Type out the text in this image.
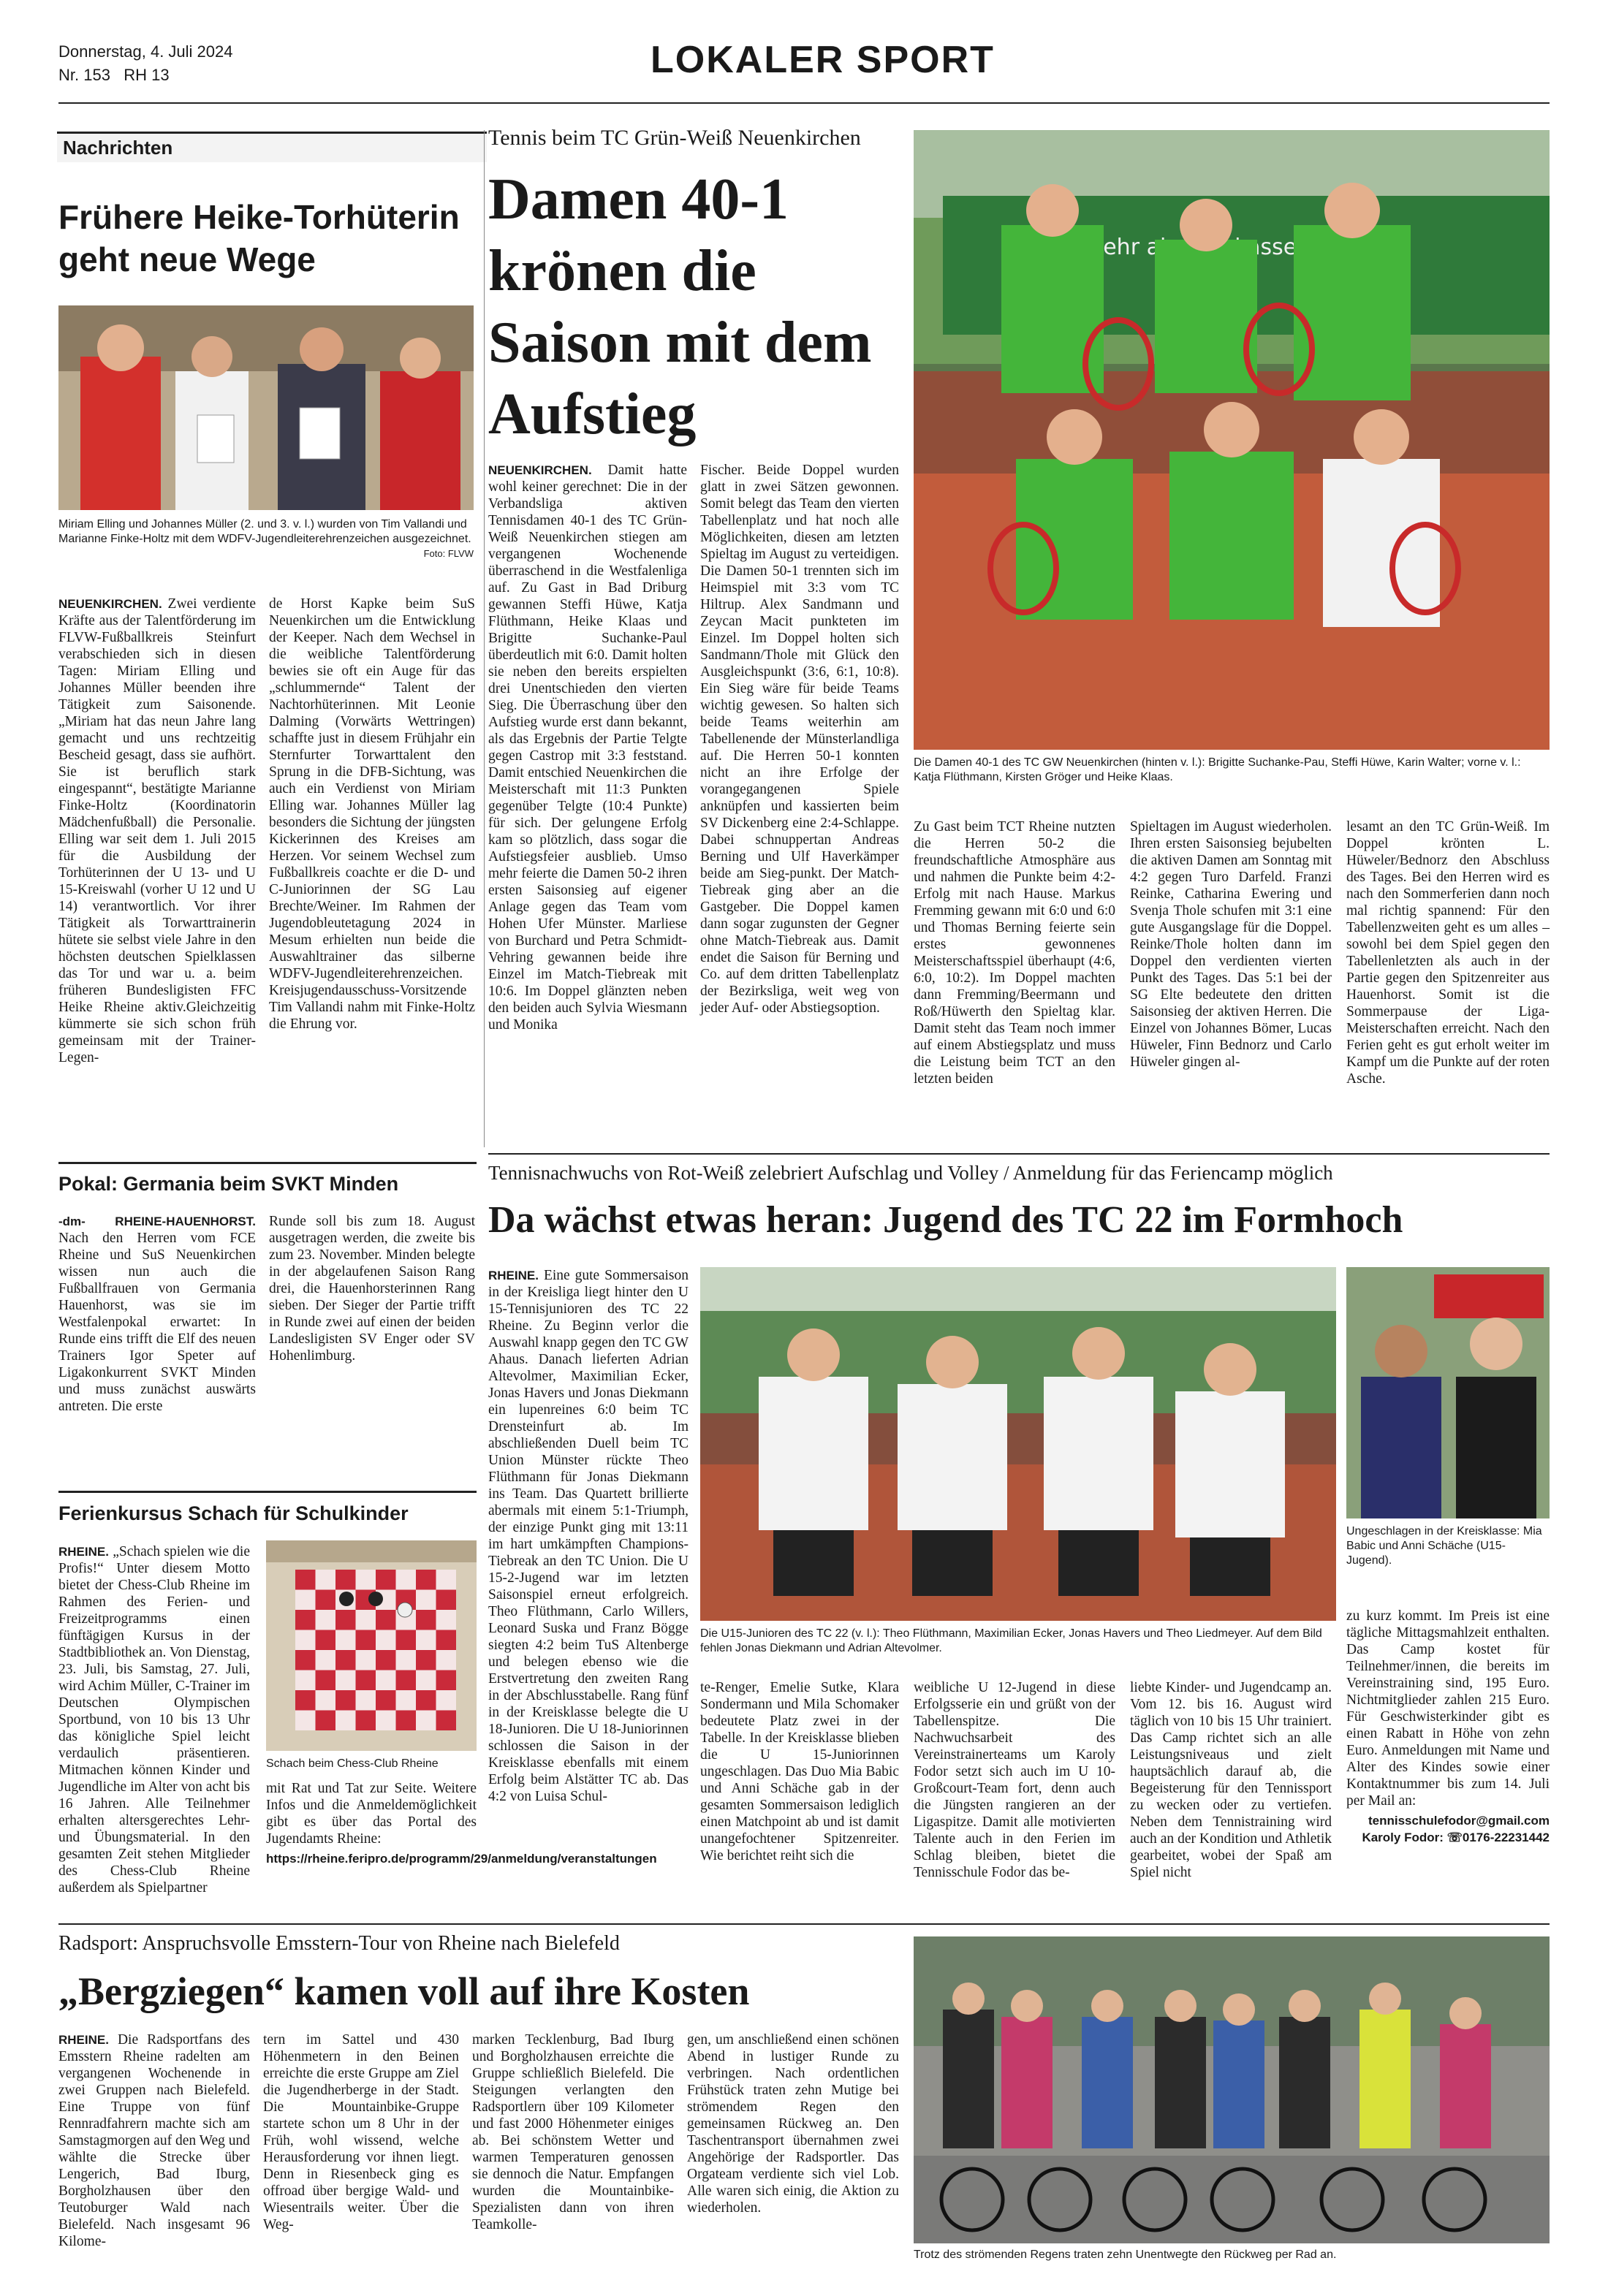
Donnerstag, 4. Juli 2024
Nr. 153 RH 13	LOKALER SPORT
Nachrichten
Frühere Heike-Torhüterin geht neue Wege
Miriam Elling und Johannes Müller (2. und 3. v. l.) wurden von Tim Vallandi und Marianne Finke-Holtz mit dem WDFV-Jugendleiterehrenzeichen ausgezeichnet.
Foto: FLVW

NEUENKIRCHEN. Zwei verdiente Kräfte aus der Talentförderung im FLVW-Fußballkreis Steinfurt verabschieden sich in diesen Tagen: Miriam Elling und Johannes Müller beenden ihre Tätigkeit zum Saisonende. „Miriam hat das neun Jahre lang gemacht und uns rechtzeitig Bescheid gesagt, dass sie aufhört. Sie ist beruflich stark eingespannt“, bestätigte Marianne Finke-Holtz (Koordinatorin Mädchenfußball) die Personalie. Elling war seit dem 1. Juli 2015 für die Ausbildung der Torhüterinnen der U 13- und U 15-Kreiswahl (vorher U 12 und U 14) verantwortlich. Vor ihrer Tätigkeit als Torwarttrainerin hütete sie selbst viele Jahre in den höchsten deutschen Spielklassen das Tor und war u. a. beim früheren Bundesligisten FFC Heike Rheine aktiv.Gleichzeitig kümmerte sie sich schon früh gemeinsam mit der Trainer-Legen-

de Horst Kapke beim SuS Neuenkirchen um die Entwicklung der Keeper. Nach dem Wechsel in die weibliche Talentförderung bewies sie oft ein Auge für das „schlummernde“ Talent der Nachtorhüterinnen. Mit Leonie Dalming (Vorwärts Wettringen) schaffte just in diesem Frühjahr ein Sternfurter Torwarttalent den Sprung in die DFB-Sichtung, was auch ein Verdienst von Miriam Elling war. Johannes Müller lag besonders die Sichtung der jüngsten Kickerinnen des Kreises am Herzen. Vor seinem Wechsel zum Fußballkreis coachte er die D- und C-Juniorinnen der SG Lau Brechte/Weiner. Im Rahmen der Jugendobleutetagung 2024 in Mesum erhielten nun beide die Auswahltrainer das silberne WDFV-Jugendleiterehrenzeichen. Kreisjugendausschuss-Vorsitzende Tim Vallandi nahm mit Finke-Holtz die Ehrung vor.

Pokal: Germania beim SVKT Minden

-dm- RHEINE-HAUENHORST. Nach den Herren vom FCE Rheine und SuS Neuenkirchen wissen nun auch die Fußballfrauen von Germania Hauenhorst, was sie im Westfalenpokal erwartet: In Runde eins trifft die Elf des neuen Trainers Igor Speter auf Ligakonkurrent SVKT Minden und muss zunächst auswärts antreten. Die erste

Runde soll bis zum 18. August ausgetragen werden, die zweite bis zum 23. November. Minden belegte in der abgelaufenen Saison Rang drei, die Hauenhorsterinnen Rang sieben. Der Sieger der Partie trifft in Runde zwei auf einen der beiden Landesligisten SV Enger oder SV Hohenlimburg.

Ferienkursus Schach für Schulkinder

RHEINE. „Schach spielen wie die Profis!“ Unter diesem Motto bietet der Chess-Club Rheine im Rahmen des Ferien- und Freizeitprogramms einen fünftägigen Kursus in der Stadtbibliothek an. Von Dienstag, 23. Juli, bis Samstag, 27. Juli, wird Achim Müller, C-Trainer im Deutschen Olympischen Sportbund, von 10 bis 13 Uhr das königliche Spiel leicht verdaulich präsentieren. Mitmachen können Kinder und Jugendliche im Alter von acht bis 16 Jahren. Alle Teilnehmer erhalten altersgerechtes Lehr- und Übungsmaterial. In den gesamten Zeit stehen Mitglieder des Chess-Club Rheine außerdem als Spielpartner

Schach beim Chess-Club Rheine

mit Rat und Tat zur Seite. Weitere Infos und die Anmeldemöglichkeit gibt es über das Portal des Jugendamts Rheine:

https://rheine.feripro.de/programm/29/anmeldung/veranstaltungen
Tennis beim TC Grün-Weiß Neuenkirchen
Damen 40-1 krönen die Saison mit dem Aufstieg
mehr
Die Damen 40-1 des TC GW Neuenkirchen (hinten v. l.): Brigitte Suchanke-Pau, Steffi Hüwe, Karin Walter; vorne v. l.: Katja Flüthmann, Kirsten Gröger und Heike Klaas.

NEUENKIRCHEN. Damit hatte wohl keiner gerechnet: Die in der Verbandsliga aktiven Tennisdamen 40-1 des TC Grün-Weiß Neuenkirchen stiegen am vergangenen Wochenende überraschend in die Westfalenliga auf. Zu Gast in Bad Driburg gewannen Steffi Hüwe, Katja Flüthmann, Heike Klaas und Brigitte Suchanke-Paul überdeutlich mit 6:0. Damit holten sie neben den bereits erspielten drei Unentschieden den vierten Sieg. Die Überraschung über den Aufstieg wurde erst dann bekannt, als das Ergebnis der Partie Telgte gegen Castrop mit 3:3 feststand. Damit entschied Neuenkirchen die Meisterschaft mit 11:3 Punkten gegenüber Telgte (10:4 Punkte) für sich. Der gelungene Erfolg kam so plötzlich, dass sogar die Aufstiegsfeier ausblieb. Umso mehr feierte die Damen 50-2 ihren ersten Saisonsieg auf eigener Anlage gegen das Team vom Hohen Ufer Münster. Marliese von Burchard und Petra Schmidt-Vehring gewannen beide ihre Einzel im Match-Tiebreak mit 10:6. Im Doppel glänzten neben den beiden auch Sylvia Wiesmann und Monika

Fischer. Beide Doppel wurden glatt in zwei Sätzen gewonnen. Somit belegt das Team den vierten Tabellenplatz und hat noch alle Möglichkeiten, diesen am letzten Spieltag im August zu verteidigen. Die Damen 50-1 trennten sich im Heimspiel mit 3:3 vom TC Hiltrup. Alex Sandmann und Zeycan Macit punkteten im Einzel. Im Doppel holten sich Sandmann/Thole mit Glück den Ausgleichspunkt (3:6, 6:1, 10:8). Ein Sieg wäre für beide Teams wichtig gewesen. So halten sich beide Teams weiterhin am Tabellenende der Münsterlandliga auf. Die Herren 50-1 konnten nicht an ihre Erfolge der vorangegangenen Spiele anknüpfen und kassierten beim SV Dickenberg eine 2:4-Schlappe. Dabei schnuppertan Andreas Berning und Ulf Haverkämper beide am Sieg-punkt. Der Match-Tiebreak ging aber an die Gastgeber. Die Doppel kamen dann sogar zugunsten der Gegner ohne Match-Tiebreak aus. Damit endet die Saison für Berning und Co. auf dem dritten Tabellenplatz der Bezirksliga, weit weg von jeder Auf- oder Abstiegsoption.

Zu Gast beim TCT Rheine nutzten die Herren 50-2 die freundschaftliche Atmosphäre aus und nahmen die Punkte beim 4:2-Erfolg mit nach Hause. Markus Fremming gewann mit 6:0 und 6:0 und Thomas Berning feierte sein erstes gewonnenes Meisterschaftsspiel überhaupt (4:6, 6:0, 10:2). Im Doppel machten dann Fremming/Beermann und Roß/Hüwerth den Spieltag klar. Damit steht das Team noch immer auf einem Abstiegsplatz und muss die Leistung beim TCT an den letzten beiden

Spieltagen im August wiederholen. Ihren ersten Saisonsieg bejubelten die aktiven Damen am Sonntag mit 4:2 gegen Turo Darfeld. Franzi Reinke, Catharina Ewering und Svenja Thole schufen mit 3:1 eine gute Ausgangslage für die Doppel. Reinke/Thole holten dann im Doppel den verdienten vierten Punkt des Tages. Das 5:1 bei der SG Elte bedeutete den dritten Saisonsieg der aktiven Herren. Die Einzel von Johannes Bömer, Lucas Hüweler, Finn Bednorz und Carlo Hüweler gingen al-

lesamt an den TC Grün-Weiß. Im Doppel krönten L. Hüweler/Bednorz den Abschluss des Tages. Bei den Herren wird es nach den Sommerferien dann noch mal richtig spannend: Für den Tabellenzweiten geht es um alles – sowohl bei dem Spiel gegen den Tabellenletzten als auch in der Partie gegen den Spitzenreiter aus Hauenhorst. Somit ist die Sommerpause der Liga-Meisterschaften erreicht. Nach den Ferien geht es gut erholt weiter im Kampf um die Punkte auf der roten Asche.

Tennisnachwuchs von Rot-Weiß zelebriert Aufschlag und Volley / Anmeldung für das Feriencamp möglich
Da wächst etwas heran: Jugend des TC 22 im Formhoch

RHEINE. Eine gute Sommersaison in der Kreisliga liegt hinter den U 15-Tennisjunioren des TC 22 Rheine. Zu Beginn verlor die Auswahl knapp gegen den TC GW Ahaus. Danach lieferten Adrian Altevolmer, Maximilian Ecker, Jonas Havers und Jonas Diekmann ein lupenreines 6:0 beim TC Drensteinfurt ab. Im abschließenden Duell beim TC Union Münster rückte Theo Flüthmann für Jonas Diekmann ins Team. Das Quartett brillierte abermals mit einem 5:1-Triumph, der einzige Punkt ging mit 13:11 im hart umkämpften Champions-Tiebreak an den TC Union. Die U 15-2-Jugend war im letzten Saisonspiel erneut erfolgreich. Theo Flüthmann, Carlo Willers, Leonard Suska und Franz Bögge siegten 4:2 beim TuS Altenberge und belegen ebenso wie die Erstvertretung den zweiten Rang in der Abschlusstabelle. Rang fünf in der Kreisklasse belegte die U 18-Junioren. Die U 18-Juniorinnen schlossen die Saison in der Kreisklasse ebenfalls mit einem Erfolg beim Alstätter TC ab. Das 4:2 von Luisa Schul-

Die U15-Junioren des TC 22 (v. l.): Theo Flüthmann, Maximilian Ecker, Jonas Havers und Theo Liedmeyer. Auf dem Bild fehlen Jonas Diekmann und Adrian Altevolmer.
Ungeschlagen in der Kreisklasse: Mia Babic und Anni Schäche (U15-Jugend).

te-Renger, Emelie Sutke, Klara Sondermann und Mila Schomaker bedeutete Platz zwei in der Tabelle. In der Kreisklasse blieben die U 15-Juniorinnen ungeschlagen. Das Duo Mia Babic und Anni Schäche gab in der gesamten Sommersaison lediglich einen Matchpoint ab und ist damit unangefochtener Spitzenreiter. Wie berichtet reiht sich die

weibliche U 12-Jugend in diese Erfolgsserie ein und grüßt von der Tabellenspitze. Die Nachwuchsarbeit des Vereinstrainerteams um Karoly Fodor setzt sich auch im U 10-Großcourt-Team fort, denn auch die Jüngsten rangieren an der Ligaspitze. Damit alle motivierten Talente auch in den Ferien im Schlag bleiben, bietet die Tennisschule Fodor das be-

liebte Kinder- und Jugendcamp an. Vom 12. bis 16. August wird täglich von 10 bis 15 Uhr trainiert. Das Camp richtet sich an alle Leistungsniveaus und zielt hauptsächlich darauf ab, die Begeisterung für den Tennissport zu wecken oder zu vertiefen. Neben dem Tennistraining wird auch an der Kondition und Athletik gearbeitet, wobei der Spaß am Spiel nicht

zu kurz kommt. Im Preis ist eine tägliche Mittagsmahlzeit enthalten. Das Camp kostet für Teilnehmer/innen, die bereits im Vereinstraining sind, 195 Euro. Nichtmitglieder zahlen 215 Euro. Für Geschwisterkinder gibt es einen Rabatt in Höhe von zehn Euro. Anmeldungen mit Name und Alter des Kindes sowie einer Kontaktnummer bis zum 14. Juli per Mail an:

tennisschulefodor@gmail.com
Karoly Fodor: ☏0176-22231442
Radsport: Anspruchsvolle Emsstern-Tour von Rheine nach Bielefeld
„Bergziegen“ kamen voll auf ihre Kosten

RHEINE. Die Radsportfans des Emsstern Rheine radelten am vergangenen Wochenende in zwei Gruppen nach Bielefeld. Eine Truppe von fünf Rennradfahrern machte sich am Samstagmorgen auf den Weg und wählte die Strecke über Lengerich, Bad Iburg, Borgholzhausen über den Teutoburger Wald nach Bielefeld. Nach insgesamt 96 Kilome-

tern im Sattel und 430 Höhenmetern in den Beinen erreichte die erste Gruppe am Ziel die Jugendherberge in der Stadt. Die Mountainbike-Gruppe startete schon um 8 Uhr in der Früh, wohl wissend, welche Herausforderung vor ihnen liegt. Denn in Riesenbeck ging es offroad über bergige Wald- und Wiesentrails weiter. Über die Weg-

marken Tecklenburg, Bad Iburg und Borgholzhausen erreichte die Gruppe schließlich Bielefeld. Die Steigungen verlangten den Radsportlern über 109 Kilometer und fast 2000 Höhenmeter einiges ab. Bei schönstem Wetter und warmen Temperaturen genossen sie dennoch die Natur. Empfangen wurden die Mountainbike-Spezialisten dann von ihren Teamkolle-

gen, um anschließend einen schönen Abend in lustiger Runde zu verbringen. Nach ordentlichen Frühstück traten zehn Mutige bei strömendem Regen den gemeinsamen Rückweg an. Den Taschentransport übernahmen zwei Angehörige der Radsportler. Das Orgateam verdiente sich viel Lob. Alle waren sich einig, die Aktion zu wiederholen.

Trotz des strömenden Regens traten zehn Unentwegte den Rückweg per Rad an.
